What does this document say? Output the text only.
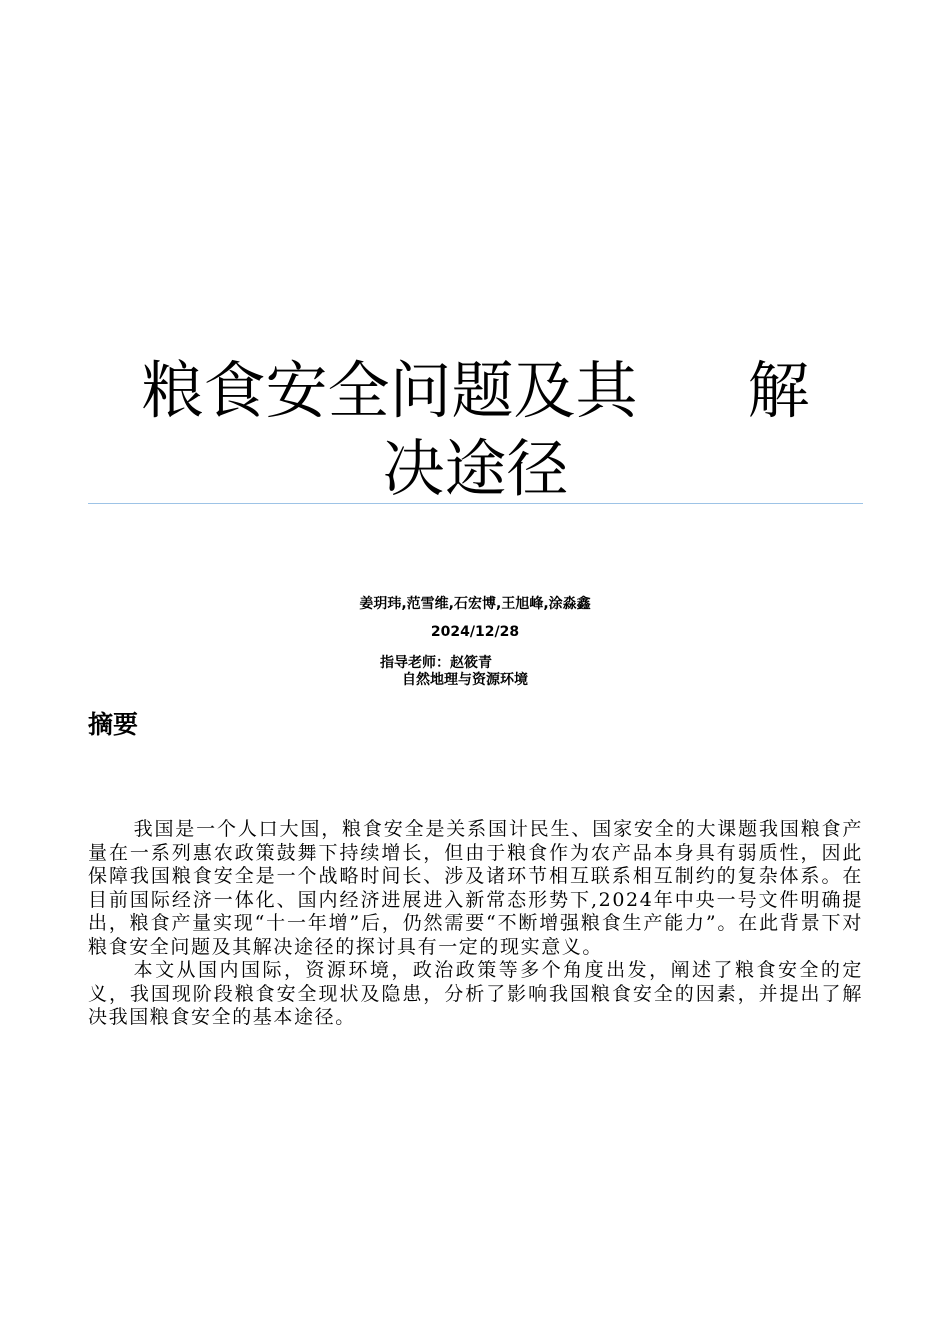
粮食安全问题及其 解
决途径
姜玥玮,范雪维,石宏博,王旭峰,涂淼鑫
2024/12/28
指导老师：赵筱青
自然地理与资源环境
摘要

我国是一个人口大国，粮食安全是关系国计民生、国家安全的大课题我国粮食产量在一系列惠农政策鼓舞下持续增长，但由于粮食作为农产品本身具有弱质性，因此保障我国粮食安全是一个战略时间长、涉及诸环节相互联系相互制约的复杂体系。在目前国际经济一体化、国内经济进展进入新常态形势下,2024年中央一号文件明确提出，粮食产量实现“十一年增”后，仍然需要“不断增强粮食生产能力”。在此背景下对粮食安全问题及其解决途径的探讨具有一定的现实意义。

本文从国内国际，资源环境，政治政策等多个角度出发，阐述了粮食安全的定义，我国现阶段粮食安全现状及隐患，分析了影响我国粮食安全的因素，并提出了解决我国粮食安全的基本途径。
